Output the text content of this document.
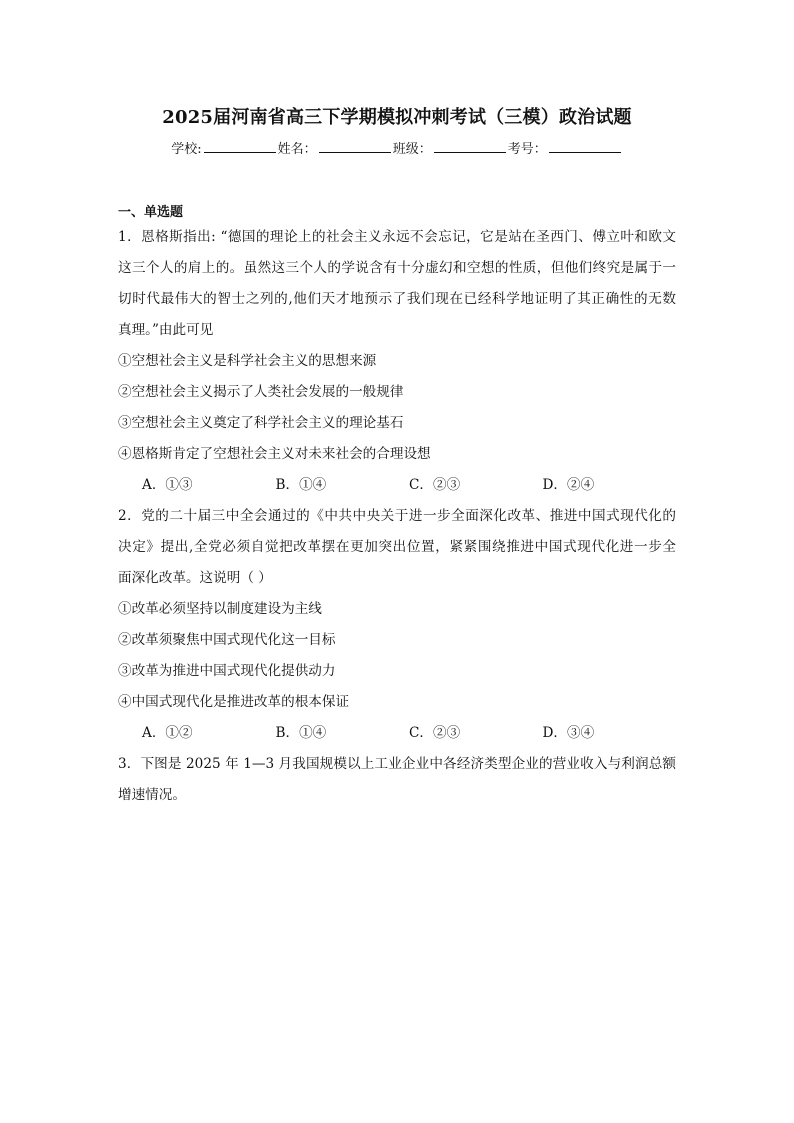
2025届河南省高三下学期模拟冲刺考试（三模）政治试题
学校:	姓名：	班级：	考号：
一、单选题
1．恩格斯指出: “德国的理论上的社会主义永远不会忘记，它是站在圣西门、傅立叶和欧文
这三个人的肩上的。虽然这三个人的学说含有十分虚幻和空想的性质，但他们终究是属于一
切时代最伟大的智士之列的,他们天才地预示了我们现在已经科学地证明了其正确性的无数
真理。”由此可见
①空想社会主义是科学社会主义的思想来源
②空想社会主义揭示了人类社会发展的一般规律
③空想社会主义奠定了科学社会主义的理论基石
④恩格斯肯定了空想社会主义对未来社会的合理设想
A．①③	B．①④	C．②③	D．②④
2．党的二十届三中全会通过的《中共中央关于进一步全面深化改革、推进中国式现代化的
决定》提出,全党必须自觉把改革摆在更加突出位置，紧紧围绕推进中国式现代化进一步全
面深化改革。这说明（ ）
①改革必须坚持以制度建设为主线
②改革须聚焦中国式现代化这一目标
③改革为推进中国式现代化提供动力
④中国式现代化是推进改革的根本保证
A．①②	B．①④	C．②③	D．③④
3．下图是 2025 年 1—3 月我国规模以上工业企业中各经济类型企业的营业收入与利润总额
增速情况。
